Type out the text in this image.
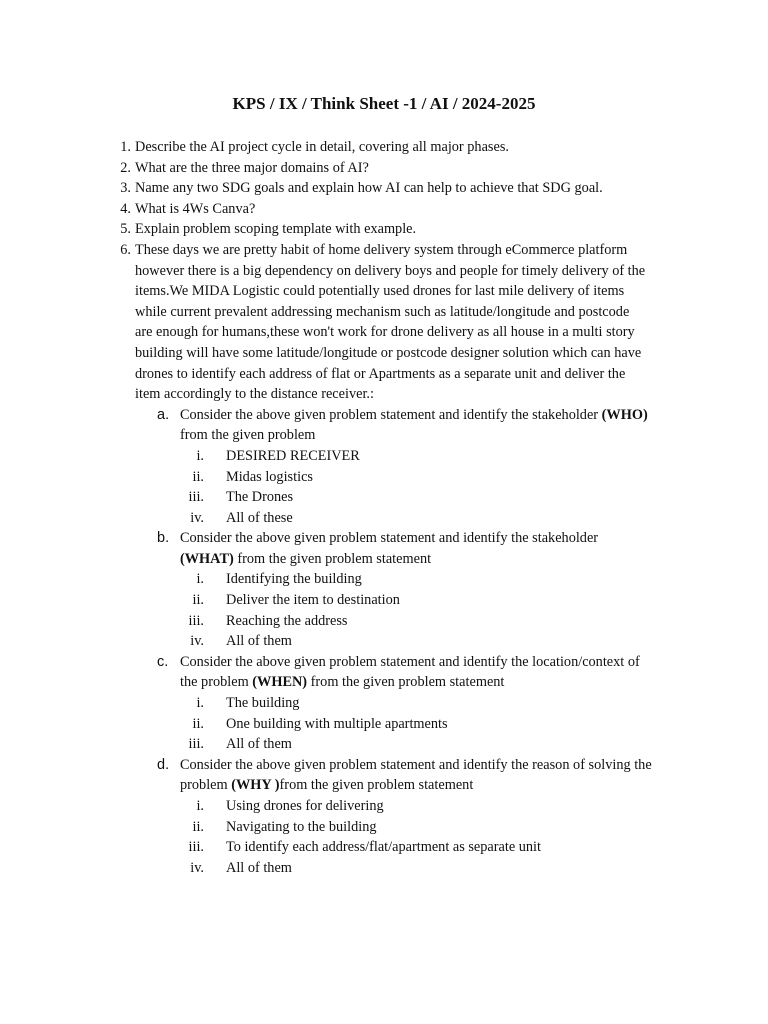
KPS / IX / Think Sheet -1 / AI / 2024-2025
1. Describe the AI project cycle in detail, covering all major phases.
2. What are the three major domains of AI?
3. Name any two SDG goals and explain how AI can help to achieve that SDG goal.
4. What is 4Ws Canva?
5. Explain problem scoping template with example.
6. These days we are pretty habit of home delivery system through eCommerce platform
however there is a big dependency on delivery boys and people for timely delivery of the
items.We MIDA Logistic could potentially used drones for last mile delivery of items
while current prevalent addressing mechanism such as latitude/longitude and postcode
are enough for humans,these won't work for drone delivery as all house in a multi story
building will have some latitude/longitude or postcode designer solution which can have
drones to identify each address of flat or Apartments as a separate unit and deliver the
item accordingly to the distance receiver.:
a. Consider the above given problem statement and identify the stakeholder (WHO)
from the given problem
i. DESIRED RECEIVER
ii. Midas logistics
iii. The Drones
iv. All of these
b. Consider the above given problem statement and identify the stakeholder
(WHAT) from the given problem statement
i. Identifying the building
ii. Deliver the item to destination
iii. Reaching the address
iv. All of them
c. Consider the above given problem statement and identify the location/context of
the problem (WHEN) from the given problem statement
i. The building
ii. One building with multiple apartments
iii. All of them
d. Consider the above given problem statement and identify the reason of solving the
problem (WHY )from the given problem statement
i. Using drones for delivering
ii. Navigating to the building
iii. To identify each address/flat/apartment as separate unit
iv. All of them
